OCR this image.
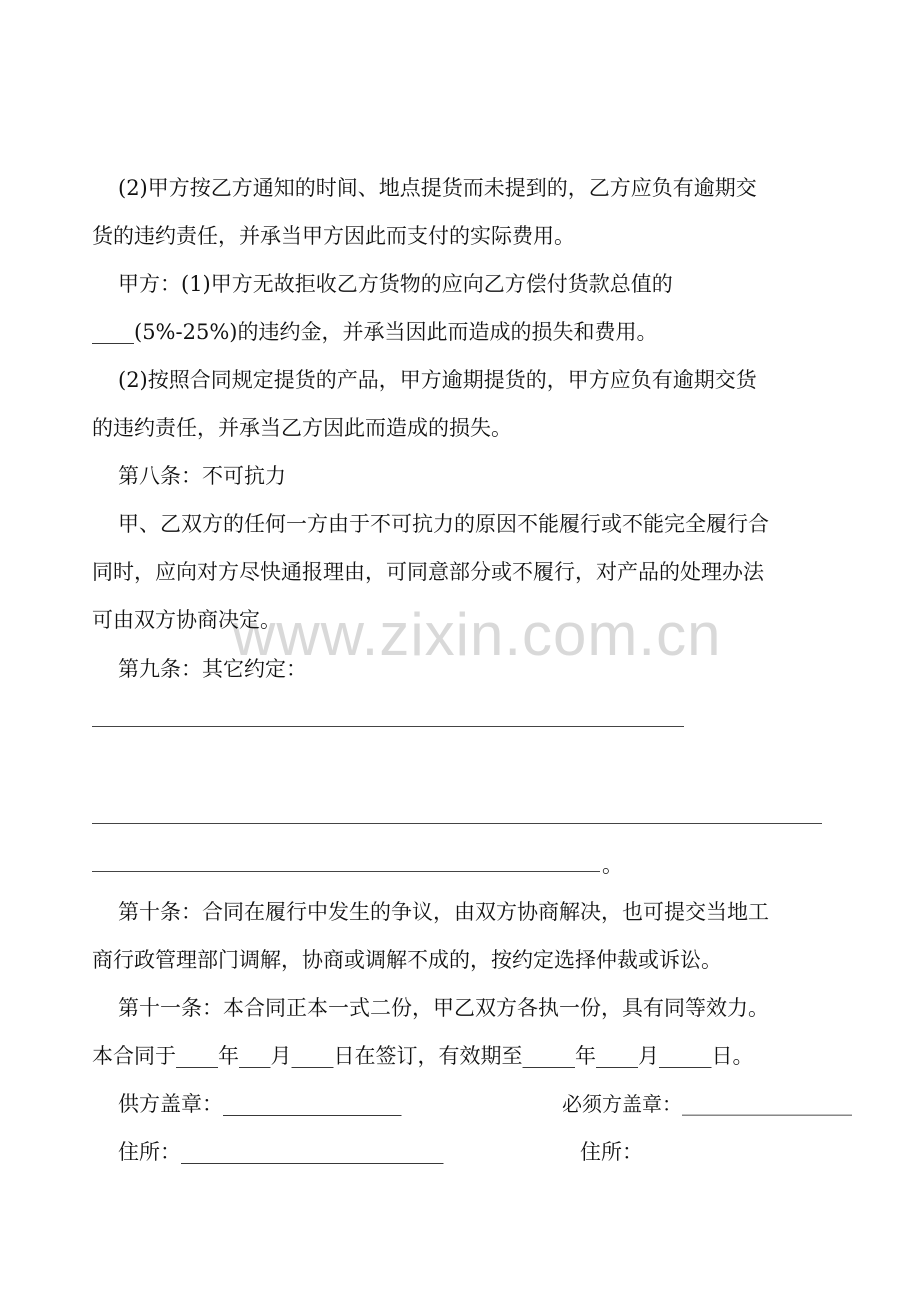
www.zixin.com.cn
(2)甲方按乙方通知的时间、地点提货而未提到的，乙方应负有逾期交
货的违约责任，并承当甲方因此而支付的实际费用。
甲方：(1)甲方无故拒收乙方货物的应向乙方偿付货款总值的
____(5%-25%)的违约金，并承当因此而造成的损失和费用。
(2)按照合同规定提货的产品，甲方逾期提货的，甲方应负有逾期交货
的违约责任，并承当乙方因此而造成的损失。
第八条：不可抗力
甲、乙双方的任何一方由于不可抗力的原因不能履行或不能完全履行合
同时，应向对方尽快通报理由，可同意部分或不履行，对产品的处理办法
可由双方协商决定。
第九条：其它约定：
。
第十条：合同在履行中发生的争议，由双方协商解决，也可提交当地工
商行政管理部门调解，协商或调解不成的，按约定选择仲裁或诉讼。
第十一条：本合同正本一式二份，甲乙双方各执一份，具有同等效力。
本合同于____年___月____日在签订，有效期至_____年____月_____日。
供方盖章：_________________	必须方盖章：_________________
住所：_________________________	住所：
